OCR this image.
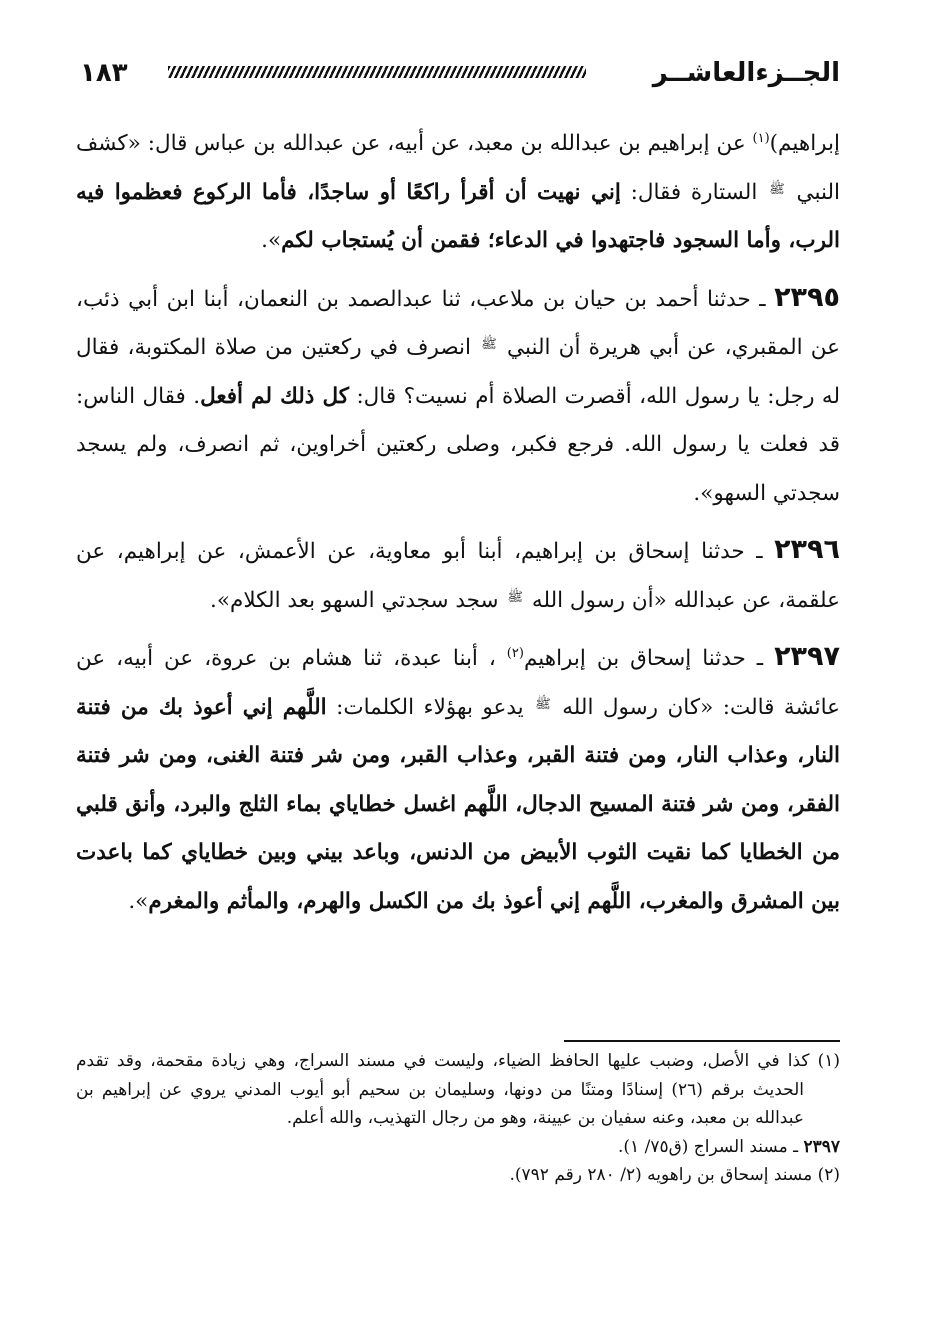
الجــزءالعاشــر
١٨٣
إبراهيم)$^{(١)}$ عن إبراهيم بن عبدالله بن معبد، عن أبيه، عن عبدالله بن عباس قال: «كشف النبي ﷺ الستارة فقال: إني نهيت أن أقرأ راكعًا أو ساجدًا، فأما الركوع فعظموا فيه الرب، وأما السجود فاجتهدوا في الدعاء؛ فقمن أن يُستجاب لكم».
٢٣٩٥ ـ حدثنا أحمد بن حيان بن ملاعب، ثنا عبدالصمد بن النعمان، أبنا ابن أبي ذئب، عن المقبري، عن أبي هريرة أن النبي ﷺ انصرف في ركعتين من صلاة المكتوبة، فقال له رجل: يا رسول الله، أقصرت الصلاة أم نسيت؟ قال: كل ذلك لم أفعل. فقال الناس: قد فعلت يا رسول الله. فرجع فكبر، وصلى ركعتين أخراوين، ثم انصرف، ولم يسجد سجدتي السهو».
٢٣٩٦ ـ حدثنا إسحاق بن إبراهيم، أبنا أبو معاوية، عن الأعمش، عن إبراهيم، عن علقمة، عن عبدالله «أن رسول الله ﷺ سجد سجدتي السهو بعد الكلام».
٢٣٩٧ ـ حدثنا إسحاق بن إبراهيم$^{(٢)}$ ، أبنا عبدة، ثنا هشام بن عروة، عن أبيه، عن عائشة قالت: «كان رسول الله ﷺ يدعو بهؤلاء الكلمات: اللَّهم إني أعوذ بك من فتنة النار، وعذاب النار، ومن فتنة القبر، وعذاب القبر، ومن شر فتنة الغنى، ومن شر فتنة الفقر، ومن شر فتنة المسيح الدجال، اللَّهم اغسل خطاياي بماء الثلج والبرد، وأنق قلبي من الخطايا كما نقيت الثوب الأبيض من الدنس، وباعد بيني وبين خطاياي كما باعدت بين المشرق والمغرب، اللَّهم إني أعوذ بك من الكسل والهرم، والمأثم والمغرم».
(١) كذا في الأصل، وضبب عليها الحافظ الضياء، وليست في مسند السراج، وهي زيادة مقحمة، وقد تقدم الحديث برقم (٢٦) إسنادًا ومتنًا من دونها، وسليمان بن سحيم أبو أيوب المدني يروي عن إبراهيم بن عبدالله بن معبد، وعنه سفيان بن عيينة، وهو من رجال التهذيب، والله أعلم.
٢٣٩٧ ـ مسند السراج (ق٧٥/ ١).
(٢) مسند إسحاق بن راهويه (٢/ ٢٨٠ رقم ٧٩٢).
